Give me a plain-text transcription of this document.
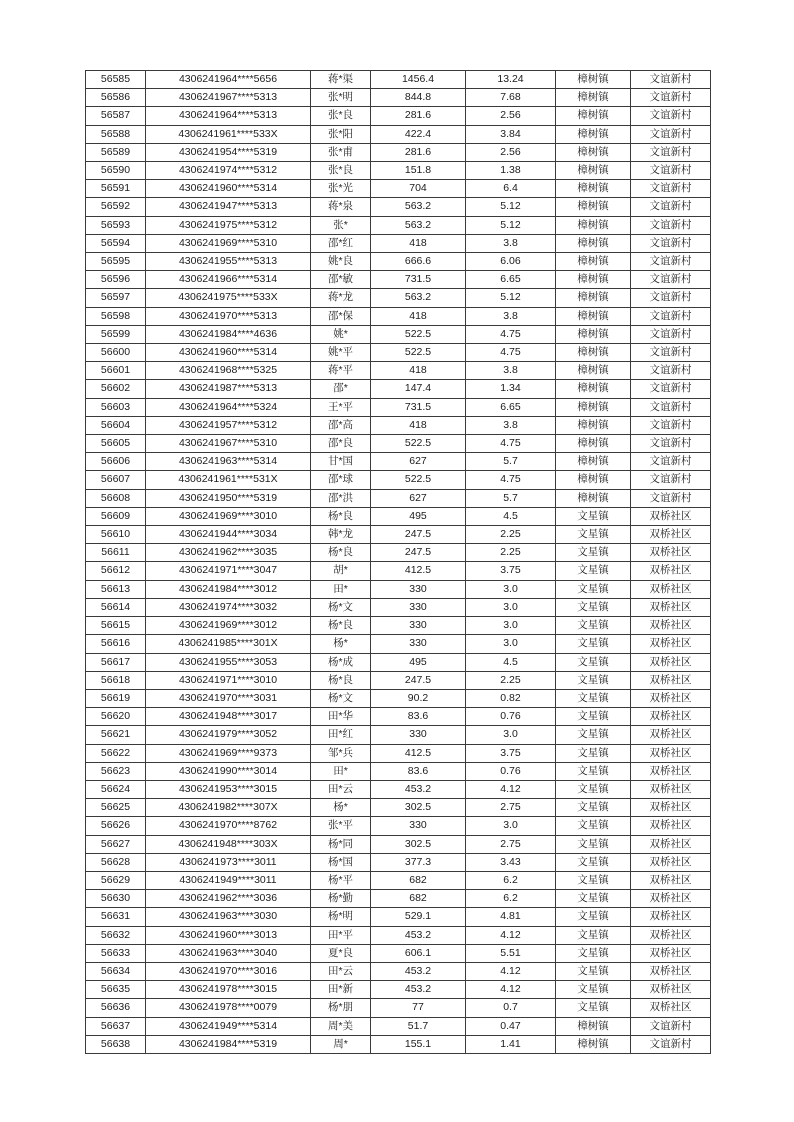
56585	4306241964****5656	蒋*渠	1456.4	13.24	樟树镇	文谊新村
56586	4306241967****5313	张*明	844.8	7.68	樟树镇	文谊新村
56587	4306241964****5313	张*良	281.6	2.56	樟树镇	文谊新村
56588	4306241961****533X	张*阳	422.4	3.84	樟树镇	文谊新村
56589	4306241954****5319	张*甫	281.6	2.56	樟树镇	文谊新村
56590	4306241974****5312	张*良	151.8	1.38	樟树镇	文谊新村
56591	4306241960****5314	张*光	704	6.4	樟树镇	文谊新村
56592	4306241947****5313	蒋*泉	563.2	5.12	樟树镇	文谊新村
56593	4306241975****5312	张*	563.2	5.12	樟树镇	文谊新村
56594	4306241969****5310	邵*红	418	3.8	樟树镇	文谊新村
56595	4306241955****5313	姚*良	666.6	6.06	樟树镇	文谊新村
56596	4306241966****5314	邵*敏	731.5	6.65	樟树镇	文谊新村
56597	4306241975****533X	蒋*龙	563.2	5.12	樟树镇	文谊新村
56598	4306241970****5313	邵*保	418	3.8	樟树镇	文谊新村
56599	4306241984****4636	姚*	522.5	4.75	樟树镇	文谊新村
56600	4306241960****5314	姚*平	522.5	4.75	樟树镇	文谊新村
56601	4306241968****5325	蒋*平	418	3.8	樟树镇	文谊新村
56602	4306241987****5313	邵*	147.4	1.34	樟树镇	文谊新村
56603	4306241964****5324	王*平	731.5	6.65	樟树镇	文谊新村
56604	4306241957****5312	邵*高	418	3.8	樟树镇	文谊新村
56605	4306241967****5310	邵*良	522.5	4.75	樟树镇	文谊新村
56606	4306241963****5314	甘*国	627	5.7	樟树镇	文谊新村
56607	4306241961****531X	邵*球	522.5	4.75	樟树镇	文谊新村
56608	4306241950****5319	邵*洪	627	5.7	樟树镇	文谊新村
56609	4306241969****3010	杨*良	495	4.5	文星镇	双桥社区
56610	4306241944****3034	韩*龙	247.5	2.25	文星镇	双桥社区
56611	4306241962****3035	杨*良	247.5	2.25	文星镇	双桥社区
56612	4306241971****3047	胡*	412.5	3.75	文星镇	双桥社区
56613	4306241984****3012	田*	330	3.0	文星镇	双桥社区
56614	4306241974****3032	杨*文	330	3.0	文星镇	双桥社区
56615	4306241969****3012	杨*良	330	3.0	文星镇	双桥社区
56616	4306241985****301X	杨*	330	3.0	文星镇	双桥社区
56617	4306241955****3053	杨*成	495	4.5	文星镇	双桥社区
56618	4306241971****3010	杨*良	247.5	2.25	文星镇	双桥社区
56619	4306241970****3031	杨*文	90.2	0.82	文星镇	双桥社区
56620	4306241948****3017	田*华	83.6	0.76	文星镇	双桥社区
56621	4306241979****3052	田*红	330	3.0	文星镇	双桥社区
56622	4306241969****9373	邹*兵	412.5	3.75	文星镇	双桥社区
56623	4306241990****3014	田*	83.6	0.76	文星镇	双桥社区
56624	4306241953****3015	田*云	453.2	4.12	文星镇	双桥社区
56625	4306241982****307X	杨*	302.5	2.75	文星镇	双桥社区
56626	4306241970****8762	张*平	330	3.0	文星镇	双桥社区
56627	4306241948****303X	杨*同	302.5	2.75	文星镇	双桥社区
56628	4306241973****3011	杨*国	377.3	3.43	文星镇	双桥社区
56629	4306241949****3011	杨*平	682	6.2	文星镇	双桥社区
56630	4306241962****3036	杨*勤	682	6.2	文星镇	双桥社区
56631	4306241963****3030	杨*明	529.1	4.81	文星镇	双桥社区
56632	4306241960****3013	田*平	453.2	4.12	文星镇	双桥社区
56633	4306241963****3040	夏*良	606.1	5.51	文星镇	双桥社区
56634	4306241970****3016	田*云	453.2	4.12	文星镇	双桥社区
56635	4306241978****3015	田*新	453.2	4.12	文星镇	双桥社区
56636	4306241978****0079	杨*朋	77	0.7	文星镇	双桥社区
56637	4306241949****5314	周*美	51.7	0.47	樟树镇	文谊新村
56638	4306241984****5319	周*	155.1	1.41	樟树镇	文谊新村
